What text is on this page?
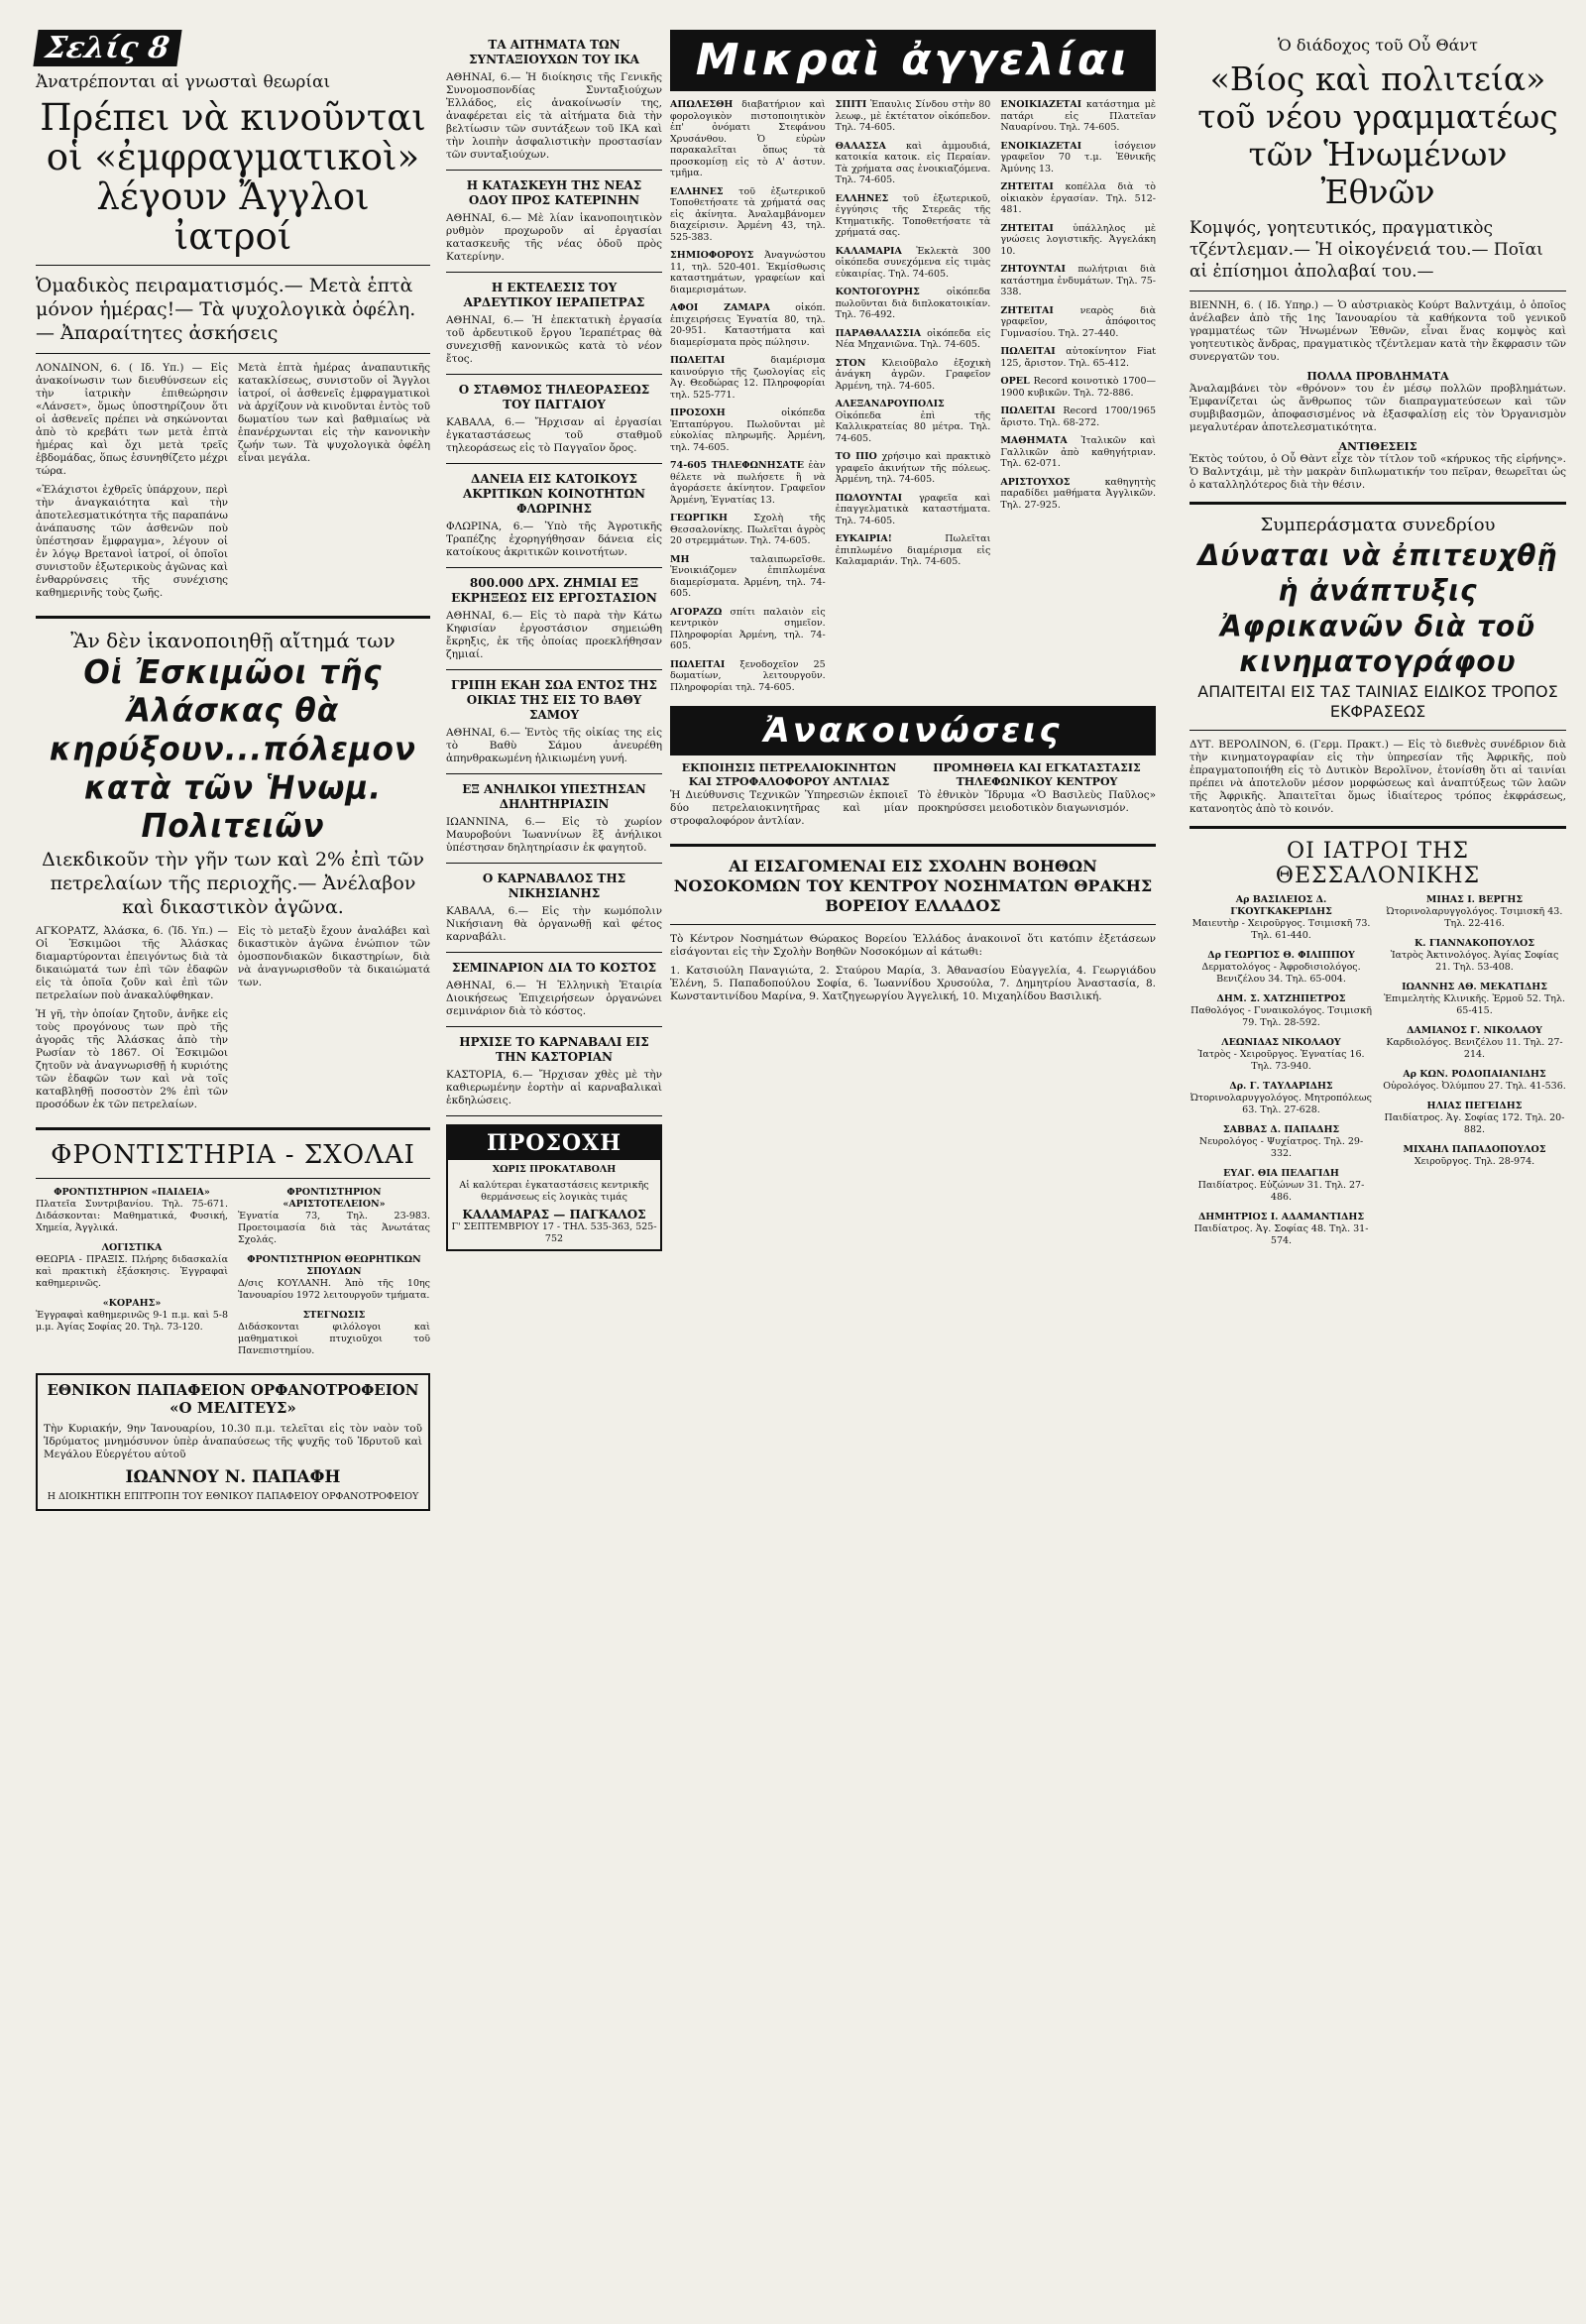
Σελίς 8
Ἀνατρέπονται αἱ γνωσταὶ θεωρίαι
Πρέπει νὰ κινοῦνται οἱ «ἐμφραγματικοὶ» λέγουν Ἄγγλοι ἰατροί
Ὁμαδικὸς πειραματισμός.— Μετὰ ἑπτὰ μόνον ἡμέρας!— Τὰ ψυχολογικὰ ὀφέλη.— Ἀπαραίτητες ἀσκήσεις

ΛΟΝΔΙΝΟΝ, 6. ( Ιδ. Υπ.) — Εἰς ἀνακοίνωσιν των διευθύνσεων εἰς τὴν ἰατρικὴν ἐπιθεώρησιν «Λάνσετ», ὅμως ὑποστηρίζουν ὅτι οἱ ἀσθενεῖς πρέπει νὰ σηκώνονται ἀπὸ τὸ κρεβάτι των μετὰ ἑπτὰ ἡμέρας καὶ ὄχι μετὰ τρεῖς ἑβδομάδας, ὅπως ἐσυνηθίζετο μέχρι τώρα.

«Ἐλάχιστοι ἐχθρεῖς ὑπάρχουν, περὶ τὴν ἀναγκαιότητα καὶ τὴν ἀποτελεσματικότητα τῆς παραπάνω ἀνάπαυσης τῶν ἀσθενῶν ποὺ ὑπέστησαν ἔμφραγμα», λέγουν οἱ ἐν λόγῳ Βρετανοὶ ἰατροί, οἱ ὁποῖοι συνιστοῦν ἐξωτερικοὺς ἀγῶνας καὶ ἐνθαρρύνσεις τῆς συνέχισης καθημερινῆς τοὺς ζωῆς.

Μετὰ ἑπτὰ ἡμέρας ἀναπαυτικῆς κατακλίσεως, συνιστοῦν οἱ Ἄγγλοι ἰατροί, οἱ ἀσθενεῖς ἐμφραγματικοὶ νὰ ἀρχίζουν νὰ κινοῦνται ἐντὸς τοῦ δωματίου των καὶ βαθμιαίως νὰ ἐπανέρχωνται εἰς τὴν κανονικὴν ζωήν των. Τὰ ψυχολογικὰ ὀφέλη εἶναι μεγάλα.

Ἂν δὲν ἱκανοποιηθῇ αἴτημά των
Οἱ Ἐσκιμῶοι τῆς Ἀλάσκας θὰ κηρύξουν...πόλεμον κατὰ τῶν Ἡνωμ. Πολιτειῶν
Διεκδικοῦν τὴν γῆν των καὶ 2% ἐπὶ τῶν πετρελαίων τῆς περιοχῆς.— Ἀνέλαβον καὶ δικαστικὸν ἀγῶνα.

ΑΓΚΟΡΑΤΖ, Ἀλάσκα, 6. (Ἰδ. Υπ.) — Οἱ Ἐσκιμῶοι τῆς Ἀλάσκας διαμαρτύρονται ἐπειγόντως διὰ τὰ δικαιώματά των ἐπὶ τῶν ἐδαφῶν εἰς τὰ ὁποῖα ζοῦν καὶ ἐπὶ τῶν πετρελαίων ποὺ ἀνακαλύφθηκαν.

Ἡ γῆ, τὴν ὁποίαν ζητοῦν, ἀνῆκε εἰς τοὺς προγόνους των πρὸ τῆς ἀγορᾶς τῆς Ἀλάσκας ἀπὸ τὴν Ρωσίαν τὸ 1867. Οἱ Ἐσκιμῶοι ζητοῦν νὰ ἀναγνωρισθῇ ἡ κυριότης τῶν ἐδαφῶν των καὶ νὰ τοῖς καταβληθῇ ποσοστὸν 2% ἐπὶ τῶν προσόδων ἐκ τῶν πετρελαίων.

Εἰς τὸ μεταξὺ ἔχουν ἀναλάβει καὶ δικαστικὸν ἀγῶνα ἐνώπιον τῶν ὁμοσπονδιακῶν δικαστηρίων, διὰ νὰ ἀναγνωρισθοῦν τὰ δικαιώματά των.

ΦΡΟΝΤΙΣΤΗΡΙΑ - ΣΧΟΛΑΙ
ΦΡΟΝΤΙΣΤΗΡΙΟΝ «ΠΑΙΔΕΙΑ»
Πλατεῖα Συντριβανίου. Τηλ. 75-671. Διδάσκονται: Μαθηματικά, Φυσική, Χημεία, Ἀγγλικά.
ΛΟΓΙΣΤΙΚΑ
ΘΕΩΡΙΑ - ΠΡΑΞΙΣ. Πλήρης διδασκαλία καὶ πρακτικὴ ἐξάσκησις. Ἐγγραφαὶ καθημερινῶς.
«ΚΟΡΑΗΣ»
Ἐγγραφαὶ καθημερινῶς 9-1 π.μ. καὶ 5-8 μ.μ. Ἀγίας Σοφίας 20. Τηλ. 73-120.
ΦΡΟΝΤΙΣΤΗΡΙΟΝ «ΑΡΙΣΤΟΤΕΛΕΙΟΝ»
Ἐγνατία 73, Τηλ. 23-983. Προετοιμασία διὰ τὰς Ἀνωτάτας Σχολάς.
ΦΡΟΝΤΙΣΤΗΡΙΟΝ ΘΕΩΡΗΤΙΚΩΝ ΣΠΟΥΔΩΝ
Δ/σις ΚΟΥΛΑΝΗ. Ἀπὸ τῆς 10ης Ἰανουαρίου 1972 λειτουργοῦν τμήματα.
ΣΤΕΓΝΩΣΙΣ
Διδάσκονται φιλόλογοι καὶ μαθηματικοὶ πτυχιοῦχοι τοῦ Πανεπιστημίου.
ΕΘΝΙΚΟΝ ΠΑΠΑΦΕΙΟΝ ΟΡΦΑΝΟΤΡΟΦΕΙΟΝ «Ο ΜΕΛΙΤΕΥΣ»

Τὴν Κυριακήν, 9ην Ἰανουαρίου, 10.30 π.μ. τελεῖται εἰς τὸν ναὸν τοῦ Ἱδρύματος μνημόσυνον ὑπὲρ ἀναπαύσεως τῆς ψυχῆς τοῦ Ἱδρυτοῦ καὶ Μεγάλου Εὐεργέτου αὐτοῦ

ΙΩΑΝΝΟΥ Ν. ΠΑΠΑΦΗ
Η ΔΙΟΙΚΗΤΙΚΗ ΕΠΙΤΡΟΠΗ ΤΟΥ ΕΘΝΙΚΟΥ ΠΑΠΑΦΕΙΟΥ ΟΡΦΑΝΟΤΡΟΦΕΙΟΥ
ΤΑ ΑΙΤΗΜΑΤΑ ΤΩΝ ΣΥΝΤΑΞΙΟΥΧΩΝ ΤΟΥ ΙΚΑ

ΑΘΗΝΑΙ, 6.— Ἡ διοίκησις τῆς Γενικῆς Συνομοσπονδίας Συνταξιούχων Ἑλλάδος, εἰς ἀνακοίνωσίν της, ἀναφέρεται εἰς τὰ αἰτήματα διὰ τὴν βελτίωσιν τῶν συντάξεων τοῦ ΙΚΑ καὶ τὴν λοιπὴν ἀσφαλιστικὴν προστασίαν τῶν συνταξιούχων.

Η ΚΑΤΑΣΚΕΥΗ ΤΗΣ ΝΕΑΣ ΟΔΟΥ ΠΡΟΣ ΚΑΤΕΡΙΝΗΝ

ΑΘΗΝΑΙ, 6.— Μὲ λίαν ἱκανοποιητικὸν ρυθμὸν προχωροῦν αἱ ἐργασίαι κατασκευῆς τῆς νέας ὁδοῦ πρὸς Κατερίνην.

Η ΕΚΤΕΛΕΣΙΣ ΤΟΥ ΑΡΔΕΥΤΙΚΟΥ ΙΕΡΑΠΕΤΡΑΣ

ΑΘΗΝΑΙ, 6.— Ἡ ἐπεκτατικὴ ἐργασία τοῦ ἀρδευτικοῦ ἔργου Ἱεραπέτρας θὰ συνεχισθῇ κανονικῶς κατὰ τὸ νέον ἔτος.

Ο ΣΤΑΘΜΟΣ ΤΗΛΕΟΡΑΣΕΩΣ ΤΟΥ ΠΑΓΓΑΙΟΥ

ΚΑΒΑΛΑ, 6.— Ἤρχισαν αἱ ἐργασίαι ἐγκαταστάσεως τοῦ σταθμοῦ τηλεοράσεως εἰς τὸ Παγγαῖον ὄρος.

ΔΑΝΕΙΑ ΕΙΣ ΚΑΤΟΙΚΟΥΣ ΑΚΡΙΤΙΚΩΝ ΚΟΙΝΟΤΗΤΩΝ ΦΛΩΡΙΝΗΣ

ΦΛΩΡΙΝΑ, 6.— Ὑπὸ τῆς Ἀγροτικῆς Τραπέζης ἐχορηγήθησαν δάνεια εἰς κατοίκους ἀκριτικῶν κοινοτήτων.

800.000 ΔΡΧ. ΖΗΜΙΑΙ ΕΞ ΕΚΡΗΞΕΩΣ ΕΙΣ ΕΡΓΟΣΤΑΣΙΟΝ

ΑΘΗΝΑΙ, 6.— Εἰς τὸ παρὰ τὴν Κάτω Κηφισίαν ἐργοστάσιον σημειώθη ἔκρηξις, ἐκ τῆς ὁποίας προεκλήθησαν ζημιαί.

ΓΡΙΠΗ ΕΚΑΗ ΣΩΑ ΕΝΤΟΣ ΤΗΣ ΟΙΚΙΑΣ ΤΗΣ ΕΙΣ ΤΟ ΒΑΘΥ ΣΑΜΟΥ

ΑΘΗΝΑΙ, 6.— Ἐντὸς τῆς οἰκίας της εἰς τὸ Βαθὺ Σάμου ἀνευρέθη ἀπηνθρακωμένη ἡλικιωμένη γυνή.

ΕΞ ΑΝΗΛΙΚΟΙ ΥΠΕΣΤΗΣΑΝ ΔΗΛΗΤΗΡΙΑΣΙΝ

ΙΩΑΝΝΙΝΑ, 6.— Εἰς τὸ χωρίον Μαυροβούνι Ἰωαννίνων ἓξ ἀνήλικοι ὑπέστησαν δηλητηρίασιν ἐκ φαγητοῦ.

Ο ΚΑΡΝΑΒΑΛΟΣ ΤΗΣ ΝΙΚΗΣΙΑΝΗΣ

ΚΑΒΑΛΑ, 6.— Εἰς τὴν κωμόπολιν Νικήσιανη θὰ ὀργανωθῇ καὶ φέτος καρναβάλι.

ΣΕΜΙΝΑΡΙΟΝ ΔΙΑ ΤΟ ΚΟΣΤΟΣ

ΑΘΗΝΑΙ, 6.— Ἡ Ἑλληνικὴ Ἑταιρία Διοικήσεως Ἐπιχειρήσεων ὀργανώνει σεμινάριον διὰ τὸ κόστος.

ΗΡΧΙΣΕ ΤΟ ΚΑΡΝΑΒΑΛΙ ΕΙΣ ΤΗΝ ΚΑΣΤΟΡΙΑΝ

ΚΑΣΤΟΡΙΑ, 6.— Ἤρχισαν χθὲς μὲ τὴν καθιερωμένην ἑορτὴν αἱ καρναβαλικαὶ ἐκδηλώσεις.

ΠΡΟΣΟΧΗ
ΧΩΡΙΣ ΠΡΟΚΑΤΑΒΟΛΗ
Αἱ καλύτεραι ἐγκαταστάσεις κεντρικῆς θερμάνσεως εἰς λογικὰς τιμάς
ΚΑΛΑΜΑΡΑΣ — ΠΑΓΚΑΛΟΣ
Γ' ΣΕΠΤΕΜΒΡΙΟΥ 17 - ΤΗΛ. 535-363, 525-752
Μικραὶ ἀγγελίαι

ΑΠΩΛΕΣΘΗ διαβατήριον καὶ φορολογικὸν πιστοποιητικὸν ἐπ' ὀνόματι Στεφάνου Χρυσάνθου. Ὁ εὑρὼν παρακαλεῖται ὅπως τὰ προσκομίσῃ εἰς τὸ Α' ἀστυν. τμῆμα.

ΕΛΛΗΝΕΣ τοῦ ἐξωτερικοῦ Τοποθετήσατε τὰ χρήματά σας εἰς ἀκίνητα. Ἀναλαμβάνομεν διαχείρισιν. Ἀρμένη 43, τηλ. 525-383.

ΣΗΜΙΟΦΟΡΟΥΣ Ἀναγνώστου 11, τηλ. 520-401. Ἐκμίσθωσις καταστημάτων, γραφείων καὶ διαμερισμάτων.

ΑΦΟΙ ΖΑΜΑΡΑ	οἰκόπ. ἐπιχειρήσεις Ἐγνατία 80, τηλ. 20-951. Καταστήματα καὶ διαμερίσματα πρὸς πώλησιν.

ΠΩΛΕΙΤΑΙ	διαμέρισμα καινούργιο τῆς ζωολογίας εἰς Ἀγ. Θεοδώρας 12. Πληροφορίαι τηλ. 525-771.

ΠΡΟΣΟΧΗ	οἰκόπεδα Ἐπταπύργου. Πωλοῦνται μὲ εὐκολίας πληρωμῆς. Ἀρμένη, τηλ. 74-605.

74-605 ΤΗΛΕΦΩΝΗΣΑΤΕ ἐὰν θέλετε νὰ πωλήσετε ἢ νὰ ἀγοράσετε ἀκίνητον. Γραφεῖον Ἀρμένη, Ἐγνατίας 13.

ΓΕΩΡΓΙΚΗ	Σχολὴ τῆς Θεσσαλονίκης. Πωλεῖται ἀγρὸς 20 στρεμμάτων. Τηλ. 74-605.

ΜΗ	ταλαιπωρεῖσθε. Ἐνοικιάζομεν ἐπιπλωμένα διαμερίσματα. Ἀρμένη, τηλ. 74-605.

ΑΓΟΡΑΖΩ σπίτι παλαιὸν εἰς κεντρικὸν σημεῖον. Πληροφορίαι Ἀρμένη, τηλ. 74-605.

ΠΩΛΕΙΤΑΙ ξενοδοχεῖον 25 δωματίων, λειτουργοῦν. Πληροφορίαι τηλ. 74-605.

ΣΠΙΤΙ Ἐπαυλις Σίνδου στὴν 80 λεωφ., μὲ ἐκτέτατον οἰκόπεδον. Τηλ. 74-605.

ΘΑΛΑΣΣΑ καὶ ἀμμουδιά, κατοικία κατοικ. εἰς Περαίαν. Τὰ χρήματα σας ἐνοικιαζόμενα. Τηλ. 74-605.

ΕΛΛΗΝΕΣ τοῦ ἐξωτερικοῦ, ἐγγύησις τῆς Στερεᾶς τῆς Κτηματικῆς. Τοποθετήσατε τὰ χρήματά σας.

ΚΑΛΑΜΑΡΙΑ Ἐκλεκτὰ 300 οἰκόπεδα συνεχόμενα εἰς τιμὰς εὐκαιρίας. Τηλ. 74-605.

ΚΟΝΤΟΓΟΥΡΗΣ	οἰκόπεδα πωλοῦνται διὰ διπλοκατοικίαν. Τηλ. 76-492.

ΠΑΡΑΘΑΛΑΣΣΙΑ οἰκόπεδα εἰς Νέα Μηχανιῶνα. Τηλ. 74-605.

ΣΤΟΝ Κλειοῦβαλο ἐξοχικὴ ἀνάγκη ἀγρῶν. Γραφεῖον Ἀρμένη, τηλ. 74-605.

ΑΛΕΞΑΝΔΡΟΥΠΟΛΙΣ Οἰκόπεδα ἐπὶ τῆς Καλλικρατείας 80 μέτρα. Τηλ. 74-605.

ΤΟ ΠΙΟ χρήσιμο καὶ πρακτικὸ γραφεῖο ἀκινήτων τῆς πόλεως. Ἀρμένη, τηλ. 74-605.

ΠΩΛΟΥΝΤΑΙ γραφεῖα καὶ ἐπαγγελματικὰ καταστήματα. Τηλ. 74-605.

ΕΥΚΑΙΡΙΑ!	Πωλεῖται ἐπιπλωμένο διαμέρισμα εἰς Καλαμαριάν. Τηλ. 74-605.

ΕΝΟΙΚΙΑΖΕΤΑΙ κατάστημα μὲ πατάρι εἰς Πλατεῖαν Ναυαρίνου. Τηλ. 74-605.

ΕΝΟΙΚΙΑΖΕΤΑΙ	ἰσόγειον γραφεῖον 70 τ.μ. Ἐθνικῆς Ἀμύνης 13.

ΖΗΤΕΙΤΑΙ κοπέλλα διὰ τὸ οἰκιακὸν ἐργασίαν. Τηλ. 512-481.

ΖΗΤΕΙΤΑΙ ὑπάλληλος μὲ γνώσεις λογιστικῆς. Ἀγγελάκη 10.

ΖΗΤΟΥΝΤΑΙ πωλήτριαι διὰ κατάστημα ἐνδυμάτων. Τηλ. 75-338.

ΖΗΤΕΙΤΑΙ	νεαρὸς διὰ γραφεῖον, ἀπόφοιτος Γυμνασίου. Τηλ. 27-440.

ΠΩΛΕΙΤΑΙ αὐτοκίνητον Fiat 125, ἄριστον. Τηλ. 65-412.

OPEL Record κοινοτικὸ 1700—1900 κυβικῶν. Τηλ. 72-886.

ΠΩΛΕΙΤΑΙ Record 1700/1965 ἄριστο. Τηλ. 68-272.

ΜΑΘΗΜΑΤΑ Ἰταλικῶν καὶ Γαλλικῶν ἀπὸ καθηγήτριαν. Τηλ. 62-071.

ΑΡΙΣΤΟΥΧΟΣ	καθηγητὴς παραδίδει μαθήματα Ἀγγλικῶν. Τηλ. 27-925.

Ἀνακοινώσεις
ΕΚΠΟΙΗΣΙΣ ΠΕΤΡΕΛΑΙΟΚΙΝΗΤΩΝ ΚΑΙ ΣΤΡΟΦΑΛΟΦΟΡΟΥ ΑΝΤΛΙΑΣ

Ἡ Διεύθυνσις Τεχνικῶν Ὑπηρεσιῶν ἐκποιεῖ δύο πετρελαιοκινητῆρας καὶ μίαν στροφαλοφόρον ἀντλίαν.

ΠΡΟΜΗΘΕΙΑ ΚΑΙ ΕΓΚΑΤΑΣΤΑΣΙΣ ΤΗΛΕΦΩΝΙΚΟΥ ΚΕΝΤΡΟΥ

Τὸ ἐθνικὸν Ἵδρυμα «Ὁ Βασιλεὺς Παῦλος» προκηρύσσει μειοδοτικὸν διαγωνισμόν.

ΑΙ ΕΙΣΑΓΟΜΕΝΑΙ ΕΙΣ ΣΧΟΛΗΝ ΒΟΗΘΩΝ ΝΟΣΟΚΟΜΩΝ ΤΟΥ ΚΕΝΤΡΟΥ ΝΟΣΗΜΑΤΩΝ ΘΡΑΚΗΣ ΒΟΡΕΙΟΥ ΕΛΛΑΔΟΣ

Τὸ Κέντρον Νοσημάτων Θώρακος Βορείου Ἑλλάδος ἀνακοινοῖ ὅτι κατόπιν ἐξετάσεων εἰσάγονται εἰς τὴν Σχολὴν Βοηθῶν Νοσοκόμων αἱ κάτωθι:

1. Κατσιούλη Παναγιώτα, 2. Σταύρου Μαρία, 3. Ἀθανασίου Εὐαγγελία, 4. Γεωργιάδου Ἑλένη, 5. Παπαδοπούλου Σοφία, 6. Ἰωαννίδου Χρυσούλα, 7. Δημητρίου Ἀναστασία, 8. Κωνσταντινίδου Μαρίνα, 9. Χατζηγεωργίου Ἀγγελική, 10. Μιχαηλίδου Βασιλική.

Ὁ διάδοχος τοῦ Οὖ Θάντ
«Βίος καὶ πολιτεία» τοῦ νέου γραμματέως τῶν Ἡνωμένων Ἐθνῶν
Κομψός, γοητευτικός, πραγματικὸς τζέντλεμαν.— Ἡ οἰκογένειά του.— Ποῖαι αἱ ἐπίσημοι ἀπολαβαί του.—

ΒΙΕΝΝΗ, 6. ( Ιδ. Υπηρ.) — Ὁ αὐστριακὸς Κούρτ Βαλντχάιμ, ὁ ὁποῖος ἀνέλαβεν ἀπὸ τῆς 1ης Ἰανουαρίου τὰ καθήκοντα τοῦ γενικοῦ γραμματέως τῶν Ἡνωμένων Ἐθνῶν, εἶναι ἕνας κομψὸς καὶ γοητευτικὸς ἄνδρας, πραγματικὸς τζέντλεμαν κατὰ τὴν ἔκφρασιν τῶν συνεργατῶν του.

ΠΟΛΛΑ ΠΡΟΒΛΗΜΑΤΑ

Ἀναλαμβάνει τὸν «θρόνον» του ἐν μέσῳ πολλῶν προβλημάτων. Ἐμφανίζεται ὡς ἄνθρωπος τῶν διαπραγματεύσεων καὶ τῶν συμβιβασμῶν, ἀποφασισμένος νὰ ἐξασφαλίσῃ εἰς τὸν Ὀργανισμὸν μεγαλυτέραν ἀποτελεσματικότητα.

ΑΝΤΙΘΕΣΕΙΣ

Ἐκτὸς τούτου, ὁ Οὖ Θὰντ εἶχε τὸν τίτλον τοῦ «κήρυκος τῆς εἰρήνης». Ὁ Βαλντχάιμ, μὲ τὴν μακρὰν διπλωματικήν του πεῖραν, θεωρεῖται ὡς ὁ καταλληλότερος διὰ τὴν θέσιν.

Συμπεράσματα συνεδρίου
Δύναται νὰ ἐπιτευχθῇ ἡ ἀνάπτυξις Ἀφρικανῶν διὰ τοῦ κινηματογράφου
ΑΠΑΙΤΕΙΤΑΙ ΕΙΣ ΤΑΣ ΤΑΙΝΙΑΣ ΕΙΔΙΚΟΣ ΤΡΟΠΟΣ ΕΚΦΡΑΣΕΩΣ

ΔΥΤ. ΒΕΡΟΛΙΝΟΝ, 6. (Γερμ. Πρακτ.) — Εἰς τὸ διεθνὲς συνέδριον διὰ τὴν κινηματογραφίαν εἰς τὴν ὑπηρεσίαν τῆς Ἀφρικῆς, ποὺ ἐπραγματοποιήθη εἰς τὸ Δυτικὸν Βερολῖνον, ἐτονίσθη ὅτι αἱ ταινίαι πρέπει νὰ ἀποτελοῦν μέσον μορφώσεως καὶ ἀναπτύξεως τῶν λαῶν τῆς Ἀφρικῆς. Ἀπαιτεῖται ὅμως ἰδιαίτερος τρόπος ἐκφράσεως, κατανοητὸς ἀπὸ τὸ κοινόν.

ΟΙ ΙΑΤΡΟΙ ΤΗΣ ΘΕΣΣΑΛΟΝΙΚΗΣ
Αρ ΒΑΣΙΛΕΙΟΣ Δ. ΓΚΟΥΓΚΑΚΕΡΙΔΗΣ
Μαιευτὴρ - Χειροῦργος. Τσιμισκῆ 73. Τηλ. 61-440.
Δρ ΓΕΩΡΓΙΟΣ Θ. ΦΙΛΙΠΠΟΥ
Δερματολόγος - Ἀφροδισιολόγος. Βενιζέλου 34. Τηλ. 65-004.
ΔΗΜ. Σ. ΧΑΤΖΗΠΕΤΡΟΣ
Παθολόγος - Γυναικολόγος. Τσιμισκῆ 79. Τηλ. 28-592.
ΛΕΩΝΙΔΑΣ ΝΙΚΟΛΑΟΥ
Ἰατρὸς - Χειροῦργος. Ἐγνατίας 16. Τηλ. 73-940.
Δρ. Γ. ΤΑΥΛΑΡΙΔΗΣ
Ὠτορινολαρυγγολόγος. Μητροπόλεως 63. Τηλ. 27-628.
ΣΑΒΒΑΣ Δ. ΠΑΠΑΔΗΣ
Νευρολόγος - Ψυχίατρος. Τηλ. 29-332.
ΕΥΑΓ. ΘΙΑ ΠΕΛΑΓΙΔΗ
Παιδίατρος. Εὐζώνων 31. Τηλ. 27-486.
ΔΗΜΗΤΡΙΟΣ Ι. ΑΔΑΜΑΝΤΙΔΗΣ
Παιδίατρος. Ἀγ. Σοφίας 48. Τηλ. 31-574.
ΜΙΗΑΣ Ι. ΒΕΡΓΗΣ
Ὠτορινολαρυγγολόγος. Τσιμισκῆ 43. Τηλ. 22-416.
Κ. ΓΙΑΝΝΑΚΟΠΟΥΛΟΣ
Ἰατρὸς Ἀκτινολόγος. Ἀγίας Σοφίας 21. Τηλ. 53-408.
ΙΩΑΝΝΗΣ ΑΘ. ΜΕΚΑΤΙΔΗΣ
Ἐπιμελητὴς Κλινικῆς. Ἐρμοῦ 52. Τηλ. 65-415.
ΔΑΜΙΑΝΟΣ Γ. ΝΙΚΟΛΑΟΥ
Καρδιολόγος. Βενιζέλου 11. Τηλ. 27-214.
Αρ ΚΩΝ. ΡΟΔΟΠΑΙΑΝΙΔΗΣ
Οὐρολόγος. Ὀλύμπου 27. Τηλ. 41-536.
ΗΛΙΑΣ ΠΕΓΕΙΔΗΣ
Παιδίατρος. Ἀγ. Σοφίας 172. Τηλ. 20-882.
ΜΙΧΑΗΛ ΠΑΠΑΔΟΠΟΥΛΟΣ
Χειροῦργος. Τηλ. 28-974.
